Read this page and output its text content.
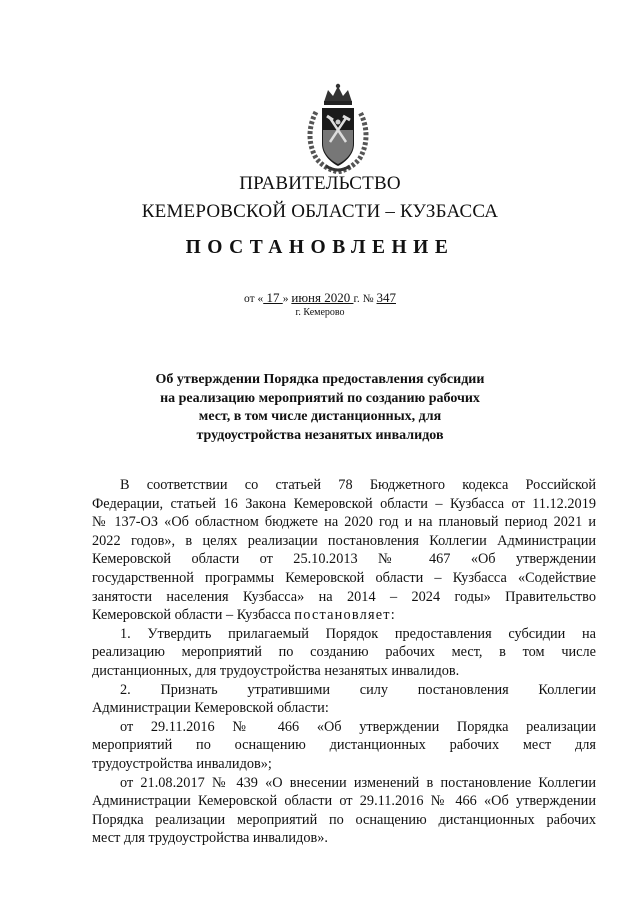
ПРАВИТЕЛЬСТВО
КЕМЕРОВСКОЙ ОБЛАСТИ – КУЗБАССА
ПОСТАНОВЛЕНИЕ
от « 17 » июня 2020 г. № 347
г. Кемерово
Об утверждении Порядка предоставления субсидии
на реализацию мероприятий по созданию рабочих
мест, в том числе дистанционных, для
трудоустройства незанятых инвалидов

В соответствии со статьей 78 Бюджетного кодекса Российской

Федерации, статьей 16 Закона Кемеровской области – Кузбасса от 11.12.2019

№ 137-ОЗ «Об областном бюджете на 2020 год и на плановый период 2021 и

2022 годов», в целях реализации постановления Коллегии Администрации

Кемеровской области от 25.10.2013 № 467 «Об утверждении

государственной программы Кемеровской области – Кузбасса «Содействие

занятости населения Кузбасса» на 2014 – 2024 годы» Правительство

Кемеровской области – Кузбасса постановляет:

1. Утвердить прилагаемый Порядок предоставления субсидии на

реализацию мероприятий по созданию рабочих мест, в том числе

дистанционных, для трудоустройства незанятых инвалидов.

2. Признать утратившими силу постановления Коллегии

Администрации Кемеровской области:

от 29.11.2016 № 466 «Об утверждении Порядка реализации

мероприятий по оснащению дистанционных рабочих мест для

трудоустройства инвалидов»;

от 21.08.2017 № 439 «О внесении изменений в постановление Коллегии

Администрации Кемеровской области от 29.11.2016 № 466 «Об утверждении

Порядка реализации мероприятий по оснащению дистанционных рабочих

мест для трудоустройства инвалидов».
